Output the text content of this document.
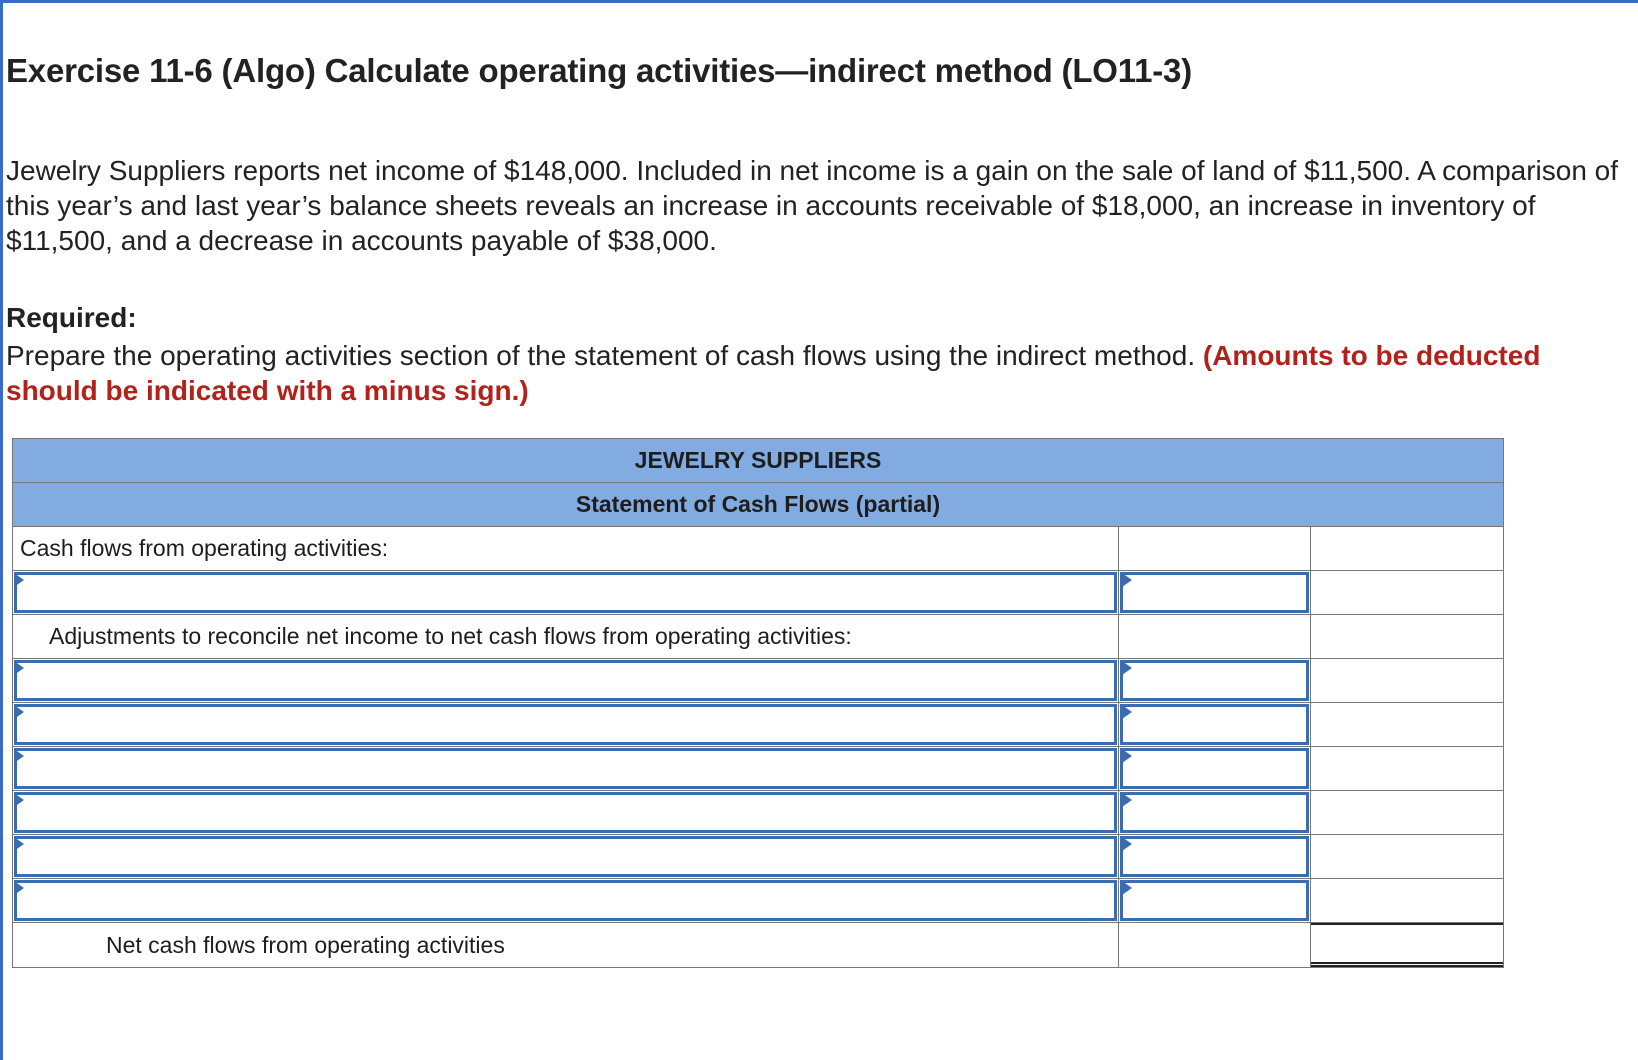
Exercise 11-6 (Algo) Calculate operating activities—indirect method (LO11-3)

Jewelry Suppliers reports net income of $148,000. Included in net income is a gain on the sale of land of $11,500. A comparison of this year’s and last year’s balance sheets reveals an increase in accounts receivable of $18,000, an increase in inventory of $11,500, and a decrease in accounts payable of $38,000.

Required:

Prepare the operating activities section of the statement of cash flows using the indirect method. (Amounts to be deducted should be indicated with a minus sign.)

JEWELRY SUPPLIERS
Statement of Cash Flows (partial)
Cash flows from operating activities:
Adjustments to reconcile net income to net cash flows from operating activities:
Net cash flows from operating activities
